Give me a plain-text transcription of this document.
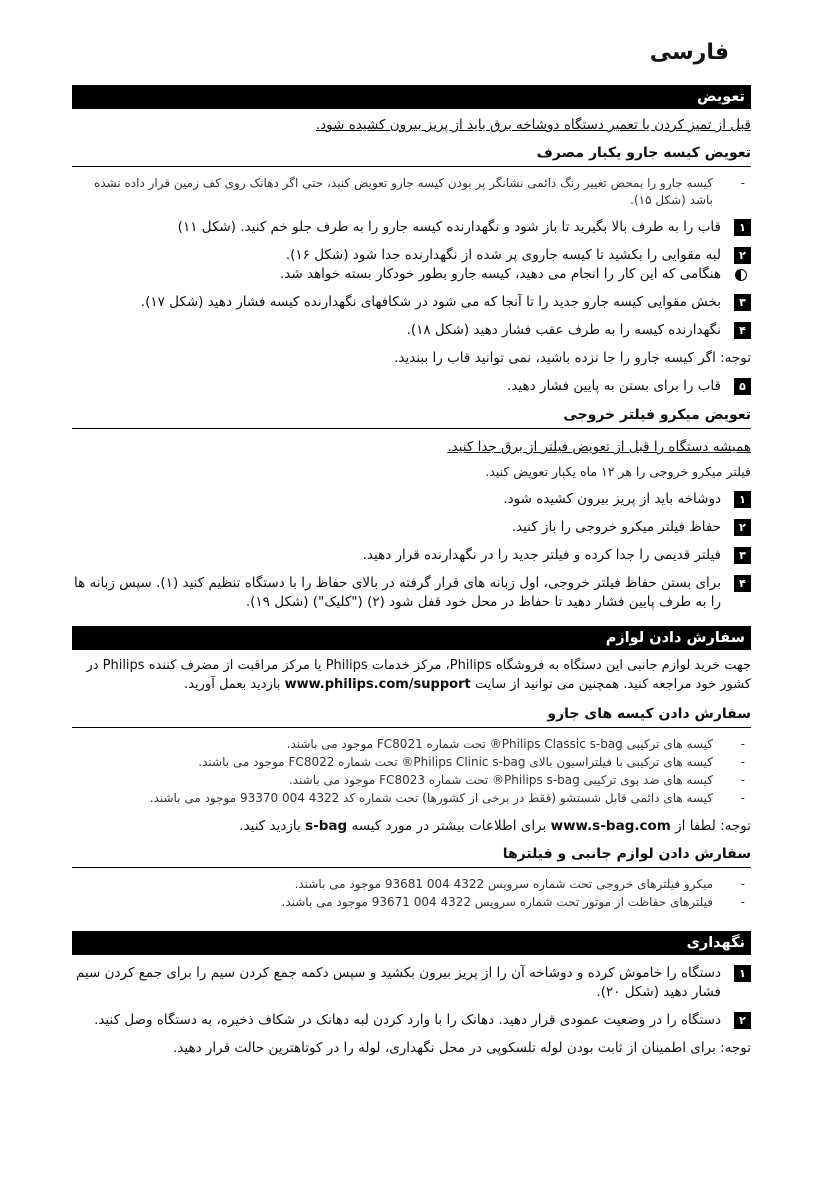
فارسی
تعویض
قبل از تمیز کردن یا تعمیر دستگاه دوشاخه برق باید از پریز بیرون کشیده شود.
تعویض کیسه جارو یکبار مصرف
-
کیسه جارو را بمحض تغییر رنگ دائمی نشانگر پر بودن کیسه جارو تعویض کنید، حتی اگر دهانک روی کف زمین قرار داده نشده باشد (شکل ۱۵).
۱
قاب را به طرف بالا بگیرید تا باز شود و نگهدارنده کیسه جارو را به طرف جلو خم کنید. (شکل ۱۱)
۲
لبه مقوایی را بکشید تا کیسه جاروی پر شده از نگهدارنده جدا شود (شکل ۱۶).
هنگامی که این کار را انجام می دهید، کیسه جارو بطور خودکار بسته خواهد شد.
۳
بخش مقوایی کیسه جارو جدید را تا آنجا که می شود در شکافهای نگهدارنده کیسه فشار دهید (شکل ۱۷).
۴
نگهدارنده کیسه را به طرف عقب فشار دهید (شکل ۱۸).
توجه: اگر کیسه جارو را جا نزده باشید، نمی توانید قاب را ببندید.
۵
قاب را برای بستن به پایین فشار دهید.
تعویض میکرو فیلتر خروجی
همیشه دستگاه را قبل از تعویض فیلتر از برق جدا کنید.
فیلتر میکرو خروجی را هر ۱۲ ماه یکبار تعویض کنید.
۱
دوشاخه باید از پریز بیرون کشیده شود.
۲
حفاظ فیلتر میکرو خروجی را باز کنید.
۳
فیلتر قدیمی را جدا کرده و فیلتر جدید را در نگهدارنده قرار دهید.
۴
برای بستن حفاظ فیلتر خروجی، اول زبانه های قرار گرفته در بالای حفاظ را با دستگاه تنظیم کنید (۱). سپس زبانه ها را به طرف پایین فشار دهید تا حفاظ در محل خود قفل شود (۲) ("کلیک") (شکل ۱۹).
سفارش دادن لوازم
جهت خرید لوازم جانبی این دستگاه به فروشگاه Philips، مرکز خدمات Philips یا مرکز مراقبت از مضرف کننده Philips در کشور خود مراجعه کنید. همچنین می توانید از سایت www.philips.com/support بازدید بعمل آورید.
سفارش دادن کیسه های جارو
-
کیسه های ترکیبی Philips Classic s-bag® تحت شماره FC8021 موجود می باشند.
-
کیسه های ترکیبی با فیلتراسیون بالای Philips Clinic s-bag® تحت شماره FC8022 موجود می باشند.
-
کیسه های ضد بوی ترکیبی Philips s-bag® تحت شماره FC8023 موجود می باشند.
-
کیسه های دائمی قابل شستشو (فقط در برخی از کشورها) تحت شماره کد 4322 004 93370 موجود می باشند.
توجه: لطفا از www.s-bag.com برای اطلاعات بیشتر در مورد کیسه s-bag بازدید کنید.
سفارش دادن لوازم جانبی و فیلترها
-
میکرو فیلترهای خروجی تحت شماره سرویس 4322 004 93681 موجود می باشند.
-
فیلترهای حفاظت از موتور تحت شماره سرویس 4322 004 93671 موجود می باشند.
نگهداری
۱
دستگاه را خاموش کرده و دوشاخه آن را از پریز بیرون بکشید و سپس دکمه جمع کردن سیم را برای جمع کردن سیم فشار دهید (شکل ۲۰).
۲
دستگاه را در وضعیت عمودی قرار دهید. دهانک را با وارد کردن لبه دهانک در شکاف ذخیره، به دستگاه وصل کنید.
توجه: برای اطمینان از ثابت بودن لوله تلسکوپی در محل نگهداری، لوله را در کوتاهترین حالت قرار دهید.
